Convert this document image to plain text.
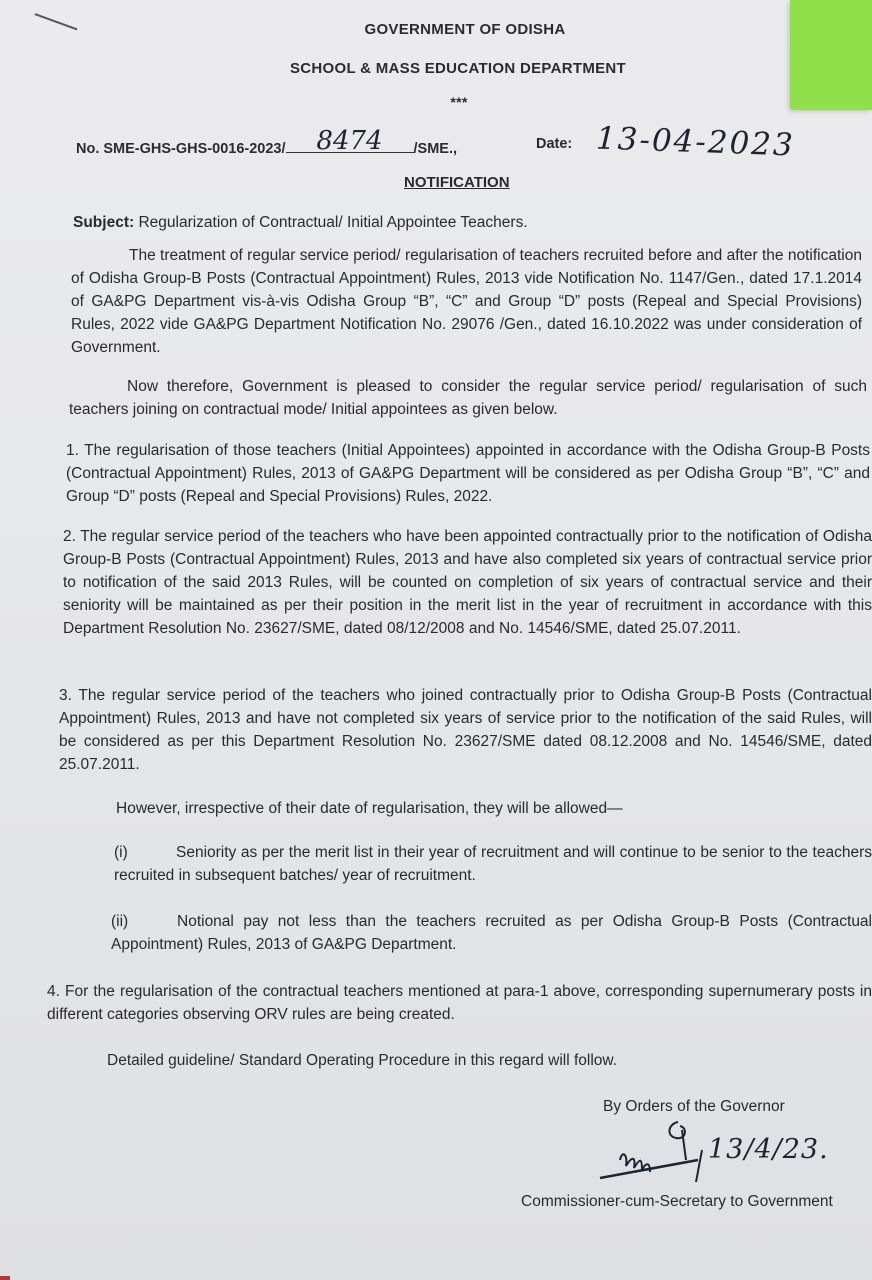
GOVERNMENT OF ODISHA
SCHOOL & MASS EDUCATION DEPARTMENT
***
No. SME-GHS-GHS-0016-2023/ 8474 /SME.,	Date: 13-04-2023
NOTIFICATION
Subject: Regularization of Contractual/ Initial Appointee Teachers.
The treatment of regular service period/ regularisation of teachers recruited before and after the notification of Odisha Group-B Posts (Contractual Appointment) Rules, 2013 vide Notification No. 1147/Gen., dated 17.1.2014 of GA&PG Department vis-à-vis Odisha Group “B”, “C” and Group “D” posts (Repeal and Special Provisions) Rules, 2022 vide GA&PG Department Notification No. 29076 /Gen., dated 16.10.2022 was under consideration of Government.
Now therefore, Government is pleased to consider the regular service period/ regularisation of such teachers joining on contractual mode/ Initial appointees as given below.
1. The regularisation of those teachers (Initial Appointees) appointed in accordance with the Odisha Group-B Posts (Contractual Appointment) Rules, 2013 of GA&PG Department will be considered as per Odisha Group “B”, “C” and Group “D” posts (Repeal and Special Provisions) Rules, 2022.
2. The regular service period of the teachers who have been appointed contractually prior to the notification of Odisha Group-B Posts (Contractual Appointment) Rules, 2013 and have also completed six years of contractual service prior to notification of the said 2013 Rules, will be counted on completion of six years of contractual service and their seniority will be maintained as per their position in the merit list in the year of recruitment in accordance with this Department Resolution No. 23627/SME, dated 08/12/2008 and No. 14546/SME, dated 25.07.2011.
3. The regular service period of the teachers who joined contractually prior to Odisha Group-B Posts (Contractual Appointment) Rules, 2013 and have not completed six years of service prior to the notification of the said Rules, will be considered as per this Department Resolution No. 23627/SME dated 08.12.2008 and No. 14546/SME, dated 25.07.2011.
However, irrespective of their date of regularisation, they will be allowed—
(i)	Seniority as per the merit list in their year of recruitment and will continue to be senior to the teachers recruited in subsequent batches/ year of recruitment.
(ii)	Notional pay not less than the teachers recruited as per Odisha Group-B Posts (Contractual Appointment) Rules, 2013 of GA&PG Department.
4. For the regularisation of the contractual teachers mentioned at para-1 above, corresponding supernumerary posts in different categories observing ORV rules are being created.
Detailed guideline/ Standard Operating Procedure in this regard will follow.
By Orders of the Governor
13/4/23.
Commissioner-cum-Secretary to Government
